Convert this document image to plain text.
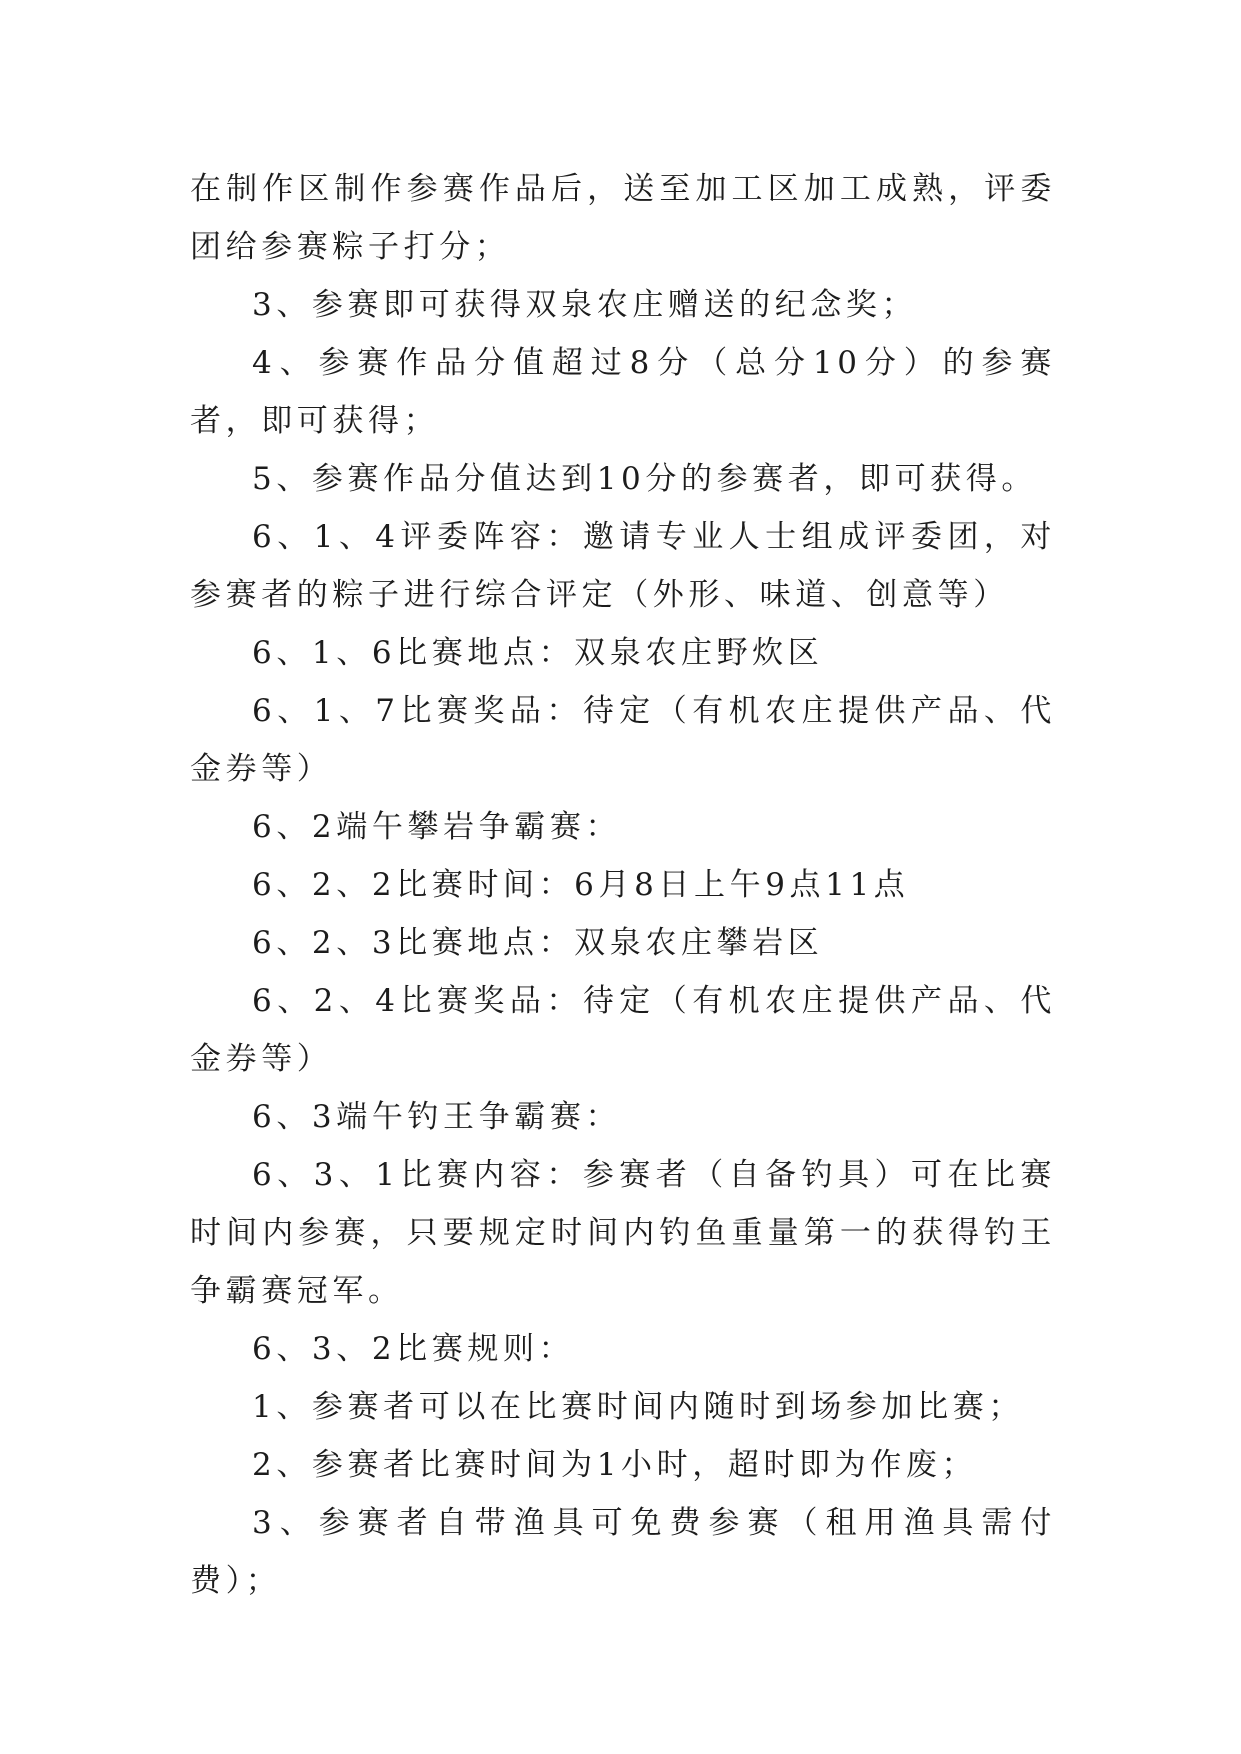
在制作区制作参赛作品后，送至加工区加工成熟，评委团给参赛粽子打分；

3、参赛即可获得双泉农庄赠送的纪念奖；

4、参赛作品分值超过8分（总分10分）的参赛者，即可获得；

5、参赛作品分值达到10分的参赛者，即可获得。

6、1、4评委阵容：邀请专业人士组成评委团，对参赛者的粽子进行综合评定（外形、味道、创意等）

6、1、6比赛地点：双泉农庄野炊区

6、1、7比赛奖品：待定（有机农庄提供产品、代金券等）

6、2端午攀岩争霸赛：

6、2、2比赛时间：6月8日上午9点11点

6、2、3比赛地点：双泉农庄攀岩区

6、2、4比赛奖品：待定（有机农庄提供产品、代金券等）

6、3端午钓王争霸赛：

6、3、1比赛内容：参赛者（自备钓具）可在比赛时间内参赛，只要规定时间内钓鱼重量第一的获得钓王争霸赛冠军。

6、3、2比赛规则：

1、参赛者可以在比赛时间内随时到场参加比赛；

2、参赛者比赛时间为1小时，超时即为作废；

3、参赛者自带渔具可免费参赛（租用渔具需付费）；
